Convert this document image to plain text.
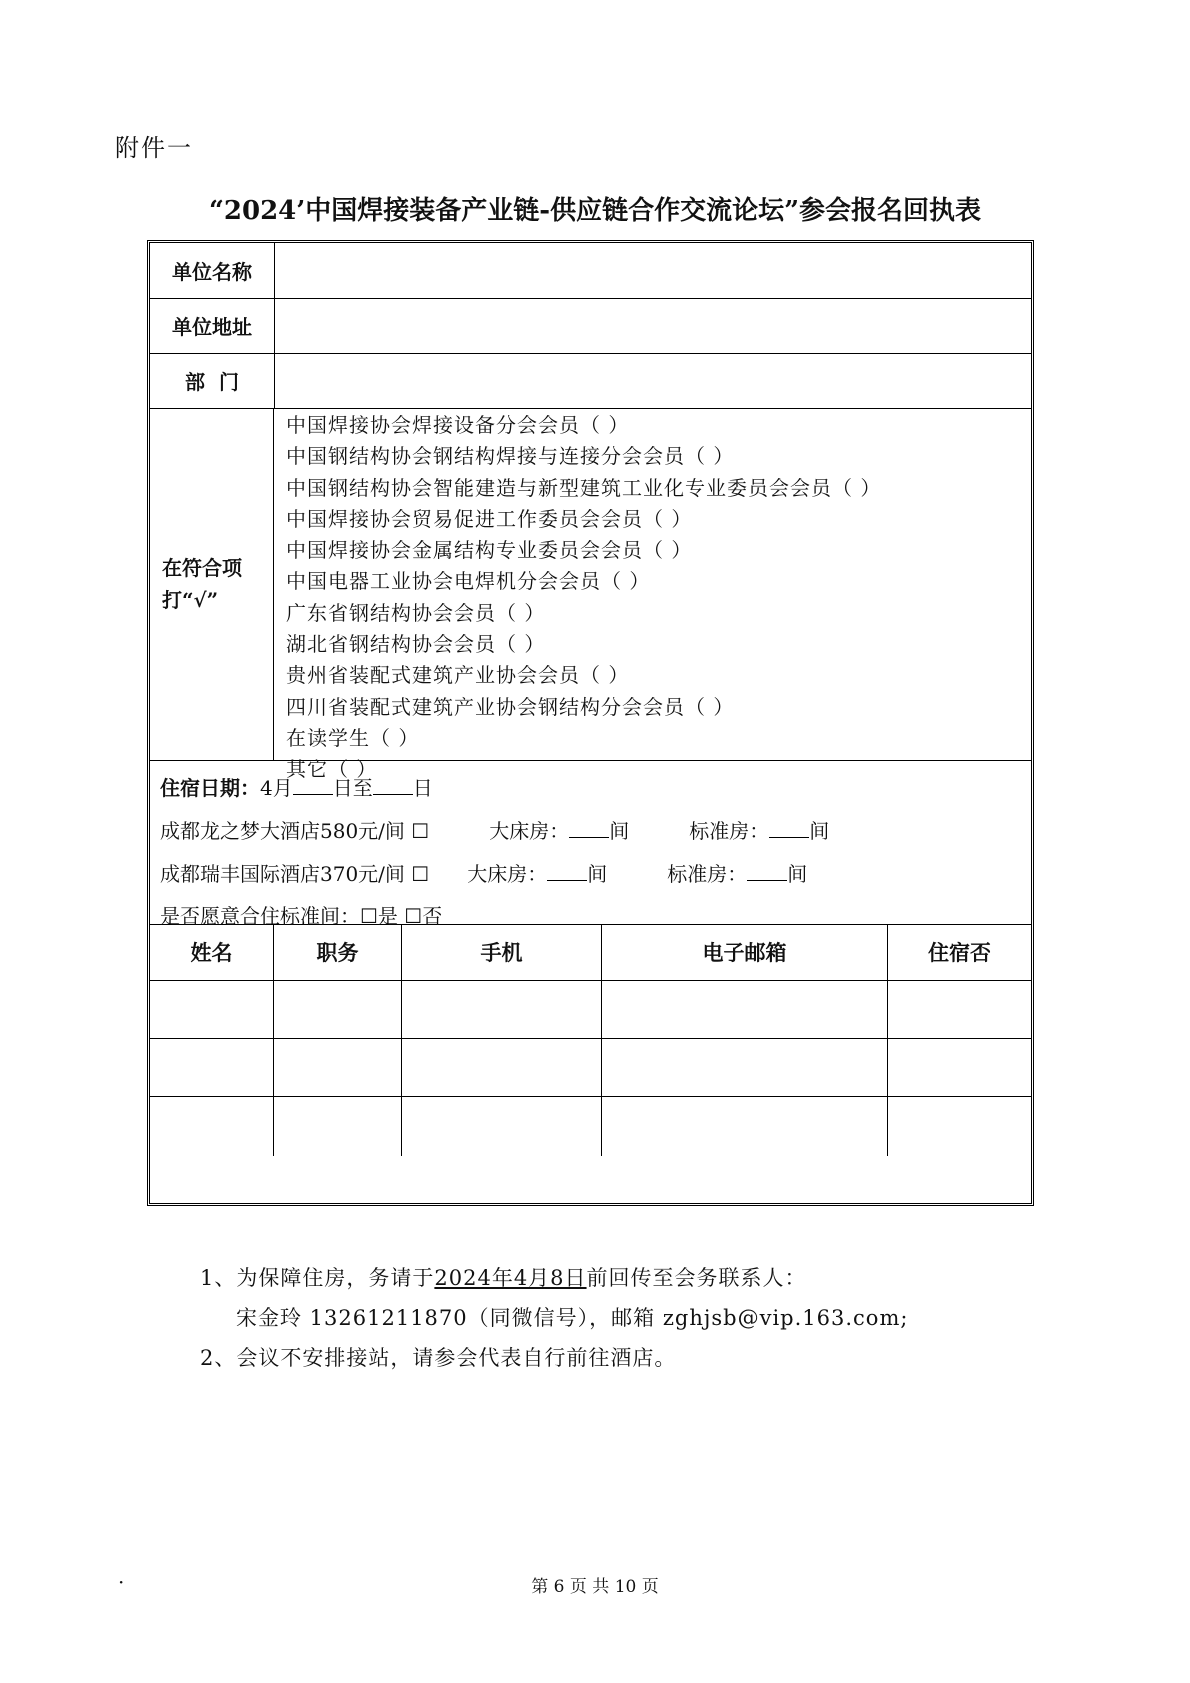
附件一
“2024’中国焊接装备产业链-供应链合作交流论坛”参会报名回执表
单位名称
单位地址
部  门
在符合项
打“√”
中国焊接协会焊接设备分会会员（ ）
中国钢结构协会钢结构焊接与连接分会会员（ ）
中国钢结构协会智能建造与新型建筑工业化专业委员会会员（ ）
中国焊接协会贸易促进工作委员会会员（ ）
中国焊接协会金属结构专业委员会会员（ ）
中国电器工业协会电焊机分会会员（ ）
广东省钢结构协会会员（ ）
湖北省钢结构协会会员（ ）
贵州省装配式建筑产业协会会员（ ）
四川省装配式建筑产业协会钢结构分会会员（ ）
在读学生（ ）
其它（ ）
住宿日期：4月 日至 日
成都龙之梦大酒店580元/间 ☐	大床房： 间	标准房： 间
成都瑞丰国际酒店370元/间 ☐ 大床房： 间	标准房： 间
是否愿意合住标准间：☐是 ☐否
姓名	职务	手机	电子邮箱	住宿否
1、为保障住房，务请于2024年4月8日前回传至会务联系人：
宋金玲 13261211870（同微信号），邮箱 zghjsb@vip.163.com;
2、会议不安排接站，请参会代表自行前往酒店。
·	第 6 页 共 10 页
